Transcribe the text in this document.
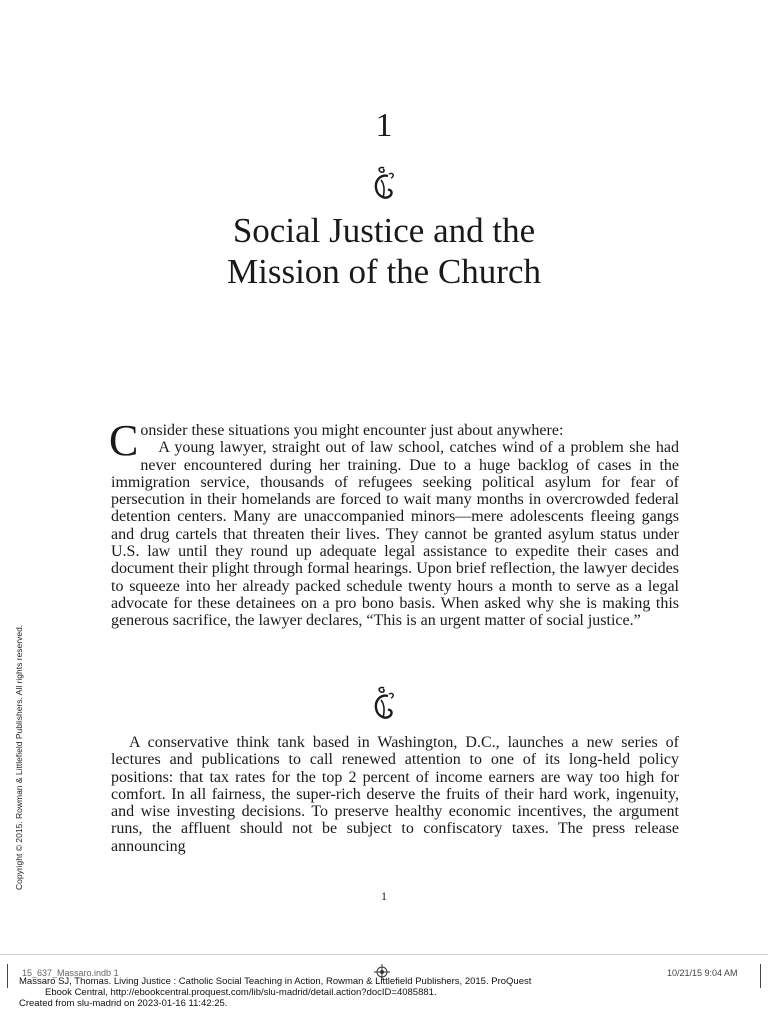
1
Social Justice and the
Mission of the Church
C onsider these situations you might encounter just about anywhere:

A young lawyer, straight out of law school, catches wind of a problem she had never encountered during her training. Due to a huge backlog of cases in the immigration service, thousands of refugees seeking political asylum for fear of persecution in their homelands are forced to wait many months in overcrowded federal detention centers. Many are unaccompanied minors—mere adolescents fleeing gangs and drug cartels that threaten their lives. They cannot be granted asylum status under U.S. law until they round up adequate legal assistance to expedite their cases and document their plight through formal hearings. Upon brief reflection, the lawyer decides to squeeze into her already packed schedule twenty hours a month to serve as a legal advocate for these detainees on a pro bono basis. When asked why she is making this generous sacrifice, the lawyer declares, “This is an urgent matter of social justice.”

A conservative think tank based in Washington, D.C., launches a new series of lectures and publications to call renewed attention to one of its long-held policy positions: that tax rates for the top 2 percent of income earners are way too high for comfort. In all fairness, the super-rich deserve the fruits of their hard work, ingenuity, and wise investing decisions. To preserve healthy economic incentives, the argument runs, the affluent should not be subject to confiscatory taxes. The press release announcing

1
Copyright © 2015. Rowman & Littlefield Publishers. All rights reserved.
15_637_Massaro.indb 1	10/21/15 9:04 AM
Massaro SJ, Thomas. Living Justice : Catholic Social Teaching in Action, Rowman & Littlefield Publishers, 2015. ProQuest
Ebook Central, http://ebookcentral.proquest.com/lib/slu-madrid/detail.action?docID=4085881.
Created from slu-madrid on 2023-01-16 11:42:25.
